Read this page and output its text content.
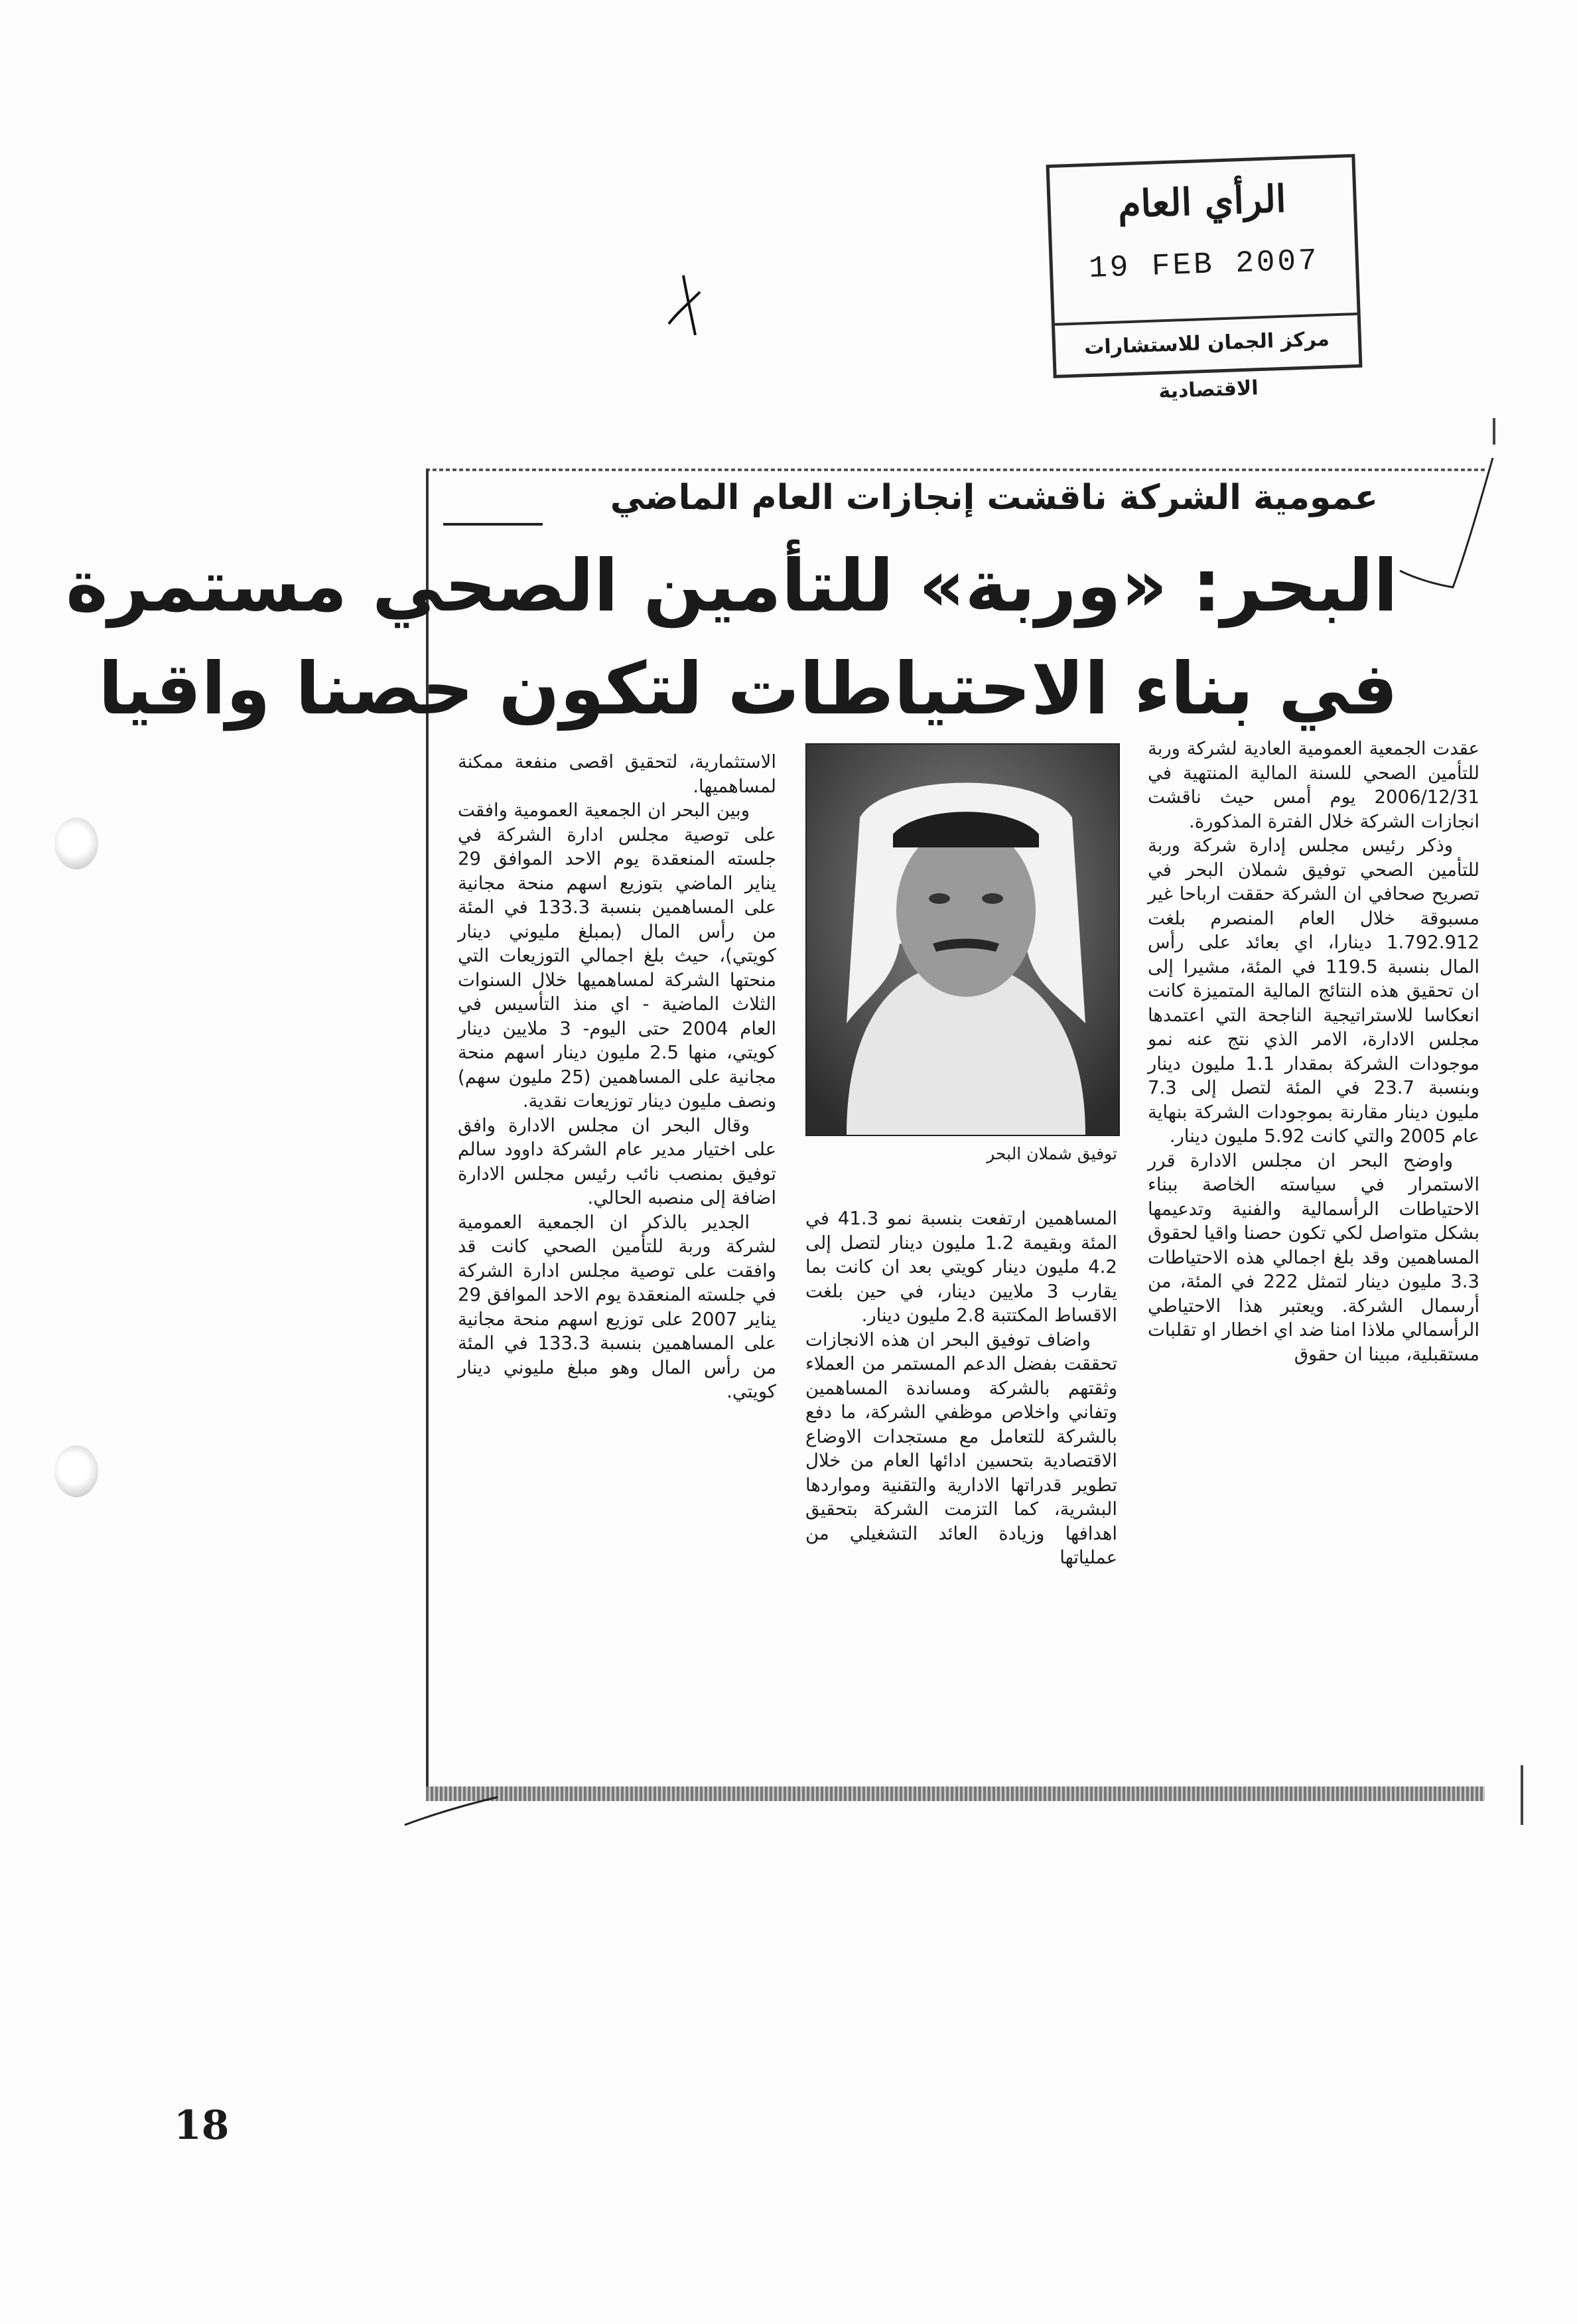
الرأي العام
19 FEB 2007
مركز الجمان للاستشارات الاقتصادية
عمومية الشركة ناقشت إنجازات العام الماضي
البحر: «وربة» للتأمين الصحي مستمرة
في بناء الاحتياطات لتكون حصنا واقيا
توفيق شملان البحر

عقدت الجمعية العمومية العادية لشركة وربة للتأمين الصحي للسنة المالية المنتهية في 2006/12/31 يوم أمس حيث ناقشت انجازات الشركة خلال الفترة المذكورة.

وذكر رئيس مجلس إدارة شركة وربة للتأمين الصحي توفيق شملان البحر في تصريح صحافي ان الشركة حققت ارباحا غير مسبوقة خلال العام المنصرم بلغت 1.792.912 دينارا، اي بعائد على رأس المال بنسبة 119.5 في المئة، مشيرا إلى ان تحقيق هذه النتائج المالية المتميزة كانت انعكاسا للاستراتيجية الناجحة التي اعتمدها مجلس الادارة، الامر الذي نتج عنه نمو موجودات الشركة بمقدار 1.1 مليون دينار وبنسبة 23.7 في المئة لتصل إلى 7.3 مليون دينار مقارنة بموجودات الشركة بنهاية عام 2005 والتي كانت 5.92 مليون دينار.

واوضح البحر ان مجلس الادارة قرر الاستمرار في سياسته الخاصة ببناء الاحتياطات الرأسمالية والفنية وتدعيمها بشكل متواصل لكي تكون حصنا واقيا لحقوق المساهمين وقد بلغ اجمالي هذه الاحتياطات 3.3 مليون دينار لتمثل 222 في المئة، من أرسمال الشركة. ويعتبر هذا الاحتياطي الرأسمالي ملاذا امنا ضد اي اخطار او تقلبات مستقبلية، مبينا ان حقوق

المساهمين ارتفعت بنسبة نمو 41.3 في المئة وبقيمة 1.2 مليون دينار لتصل إلى 4.2 مليون دينار كويتي بعد ان كانت بما يقارب 3 ملايين دينار، في حين بلغت الاقساط المكتتبة 2.8 مليون دينار.

واضاف توفيق البحر ان هذه الانجازات تحققت بفضل الدعم المستمر من العملاء وثقتهم بالشركة ومساندة المساهمين وتفاني واخلاص موظفي الشركة، ما دفع بالشركة للتعامل مع مستجدات الاوضاع الاقتصادية بتحسين ادائها العام من خلال تطوير قدراتها الادارية والتقنية ومواردها البشرية، كما التزمت الشركة بتحقيق اهدافها وزيادة العائد التشغيلي من عملياتها

الاستثمارية، لتحقيق اقصى منفعة ممكنة لمساهميها.

وبين البحر ان الجمعية العمومية وافقت على توصية مجلس ادارة الشركة في جلسته المنعقدة يوم الاحد الموافق 29 يناير الماضي بتوزيع اسهم منحة مجانية على المساهمين بنسبة 133.3 في المئة من رأس المال (بمبلغ مليوني دينار كويتي)، حيث بلغ اجمالي التوزيعات التي منحتها الشركة لمساهميها خلال السنوات الثلاث الماضية - اي منذ التأسيس في العام 2004 حتى اليوم- 3 ملايين دينار كويتي، منها 2.5 مليون دينار اسهم منحة مجانية على المساهمين (25 مليون سهم) ونصف مليون دينار توزيعات نقدية.

وقال البحر ان مجلس الادارة وافق على اختيار مدير عام الشركة داوود سالم توفيق بمنصب نائب رئيس مجلس الادارة اضافة إلى منصبه الحالي.

الجدير بالذكر ان الجمعية العمومية لشركة وربة للتأمين الصحي كانت قد وافقت على توصية مجلس ادارة الشركة في جلسته المنعقدة يوم الاحد الموافق 29 يناير 2007 على توزيع اسهم منحة مجانية على المساهمين بنسبة 133.3 في المئة من رأس المال وهو مبلغ مليوني دينار كويتي.

18
